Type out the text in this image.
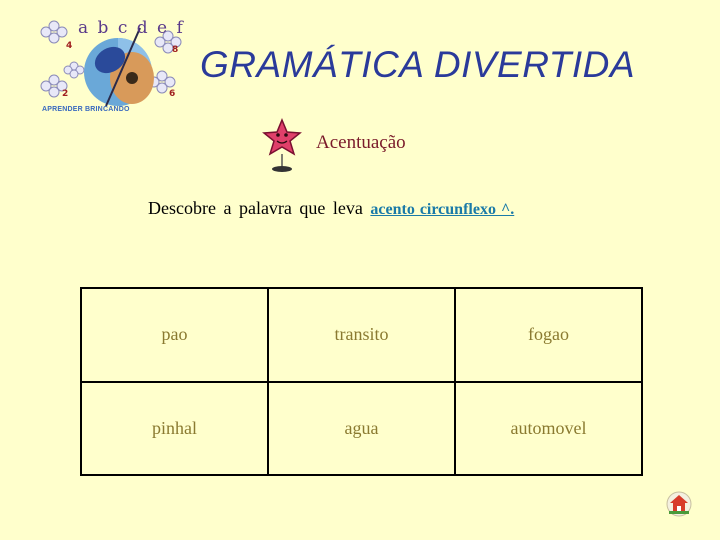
4	8
2	6
a b c d e f
APRENDER BRINCANDO
GRAMÁTICA DIVERTIDA
Acentuação
Descobre a palavra que leva acento circunflexo ^.
pao	transito	fogao
pinhal	agua	automovel
